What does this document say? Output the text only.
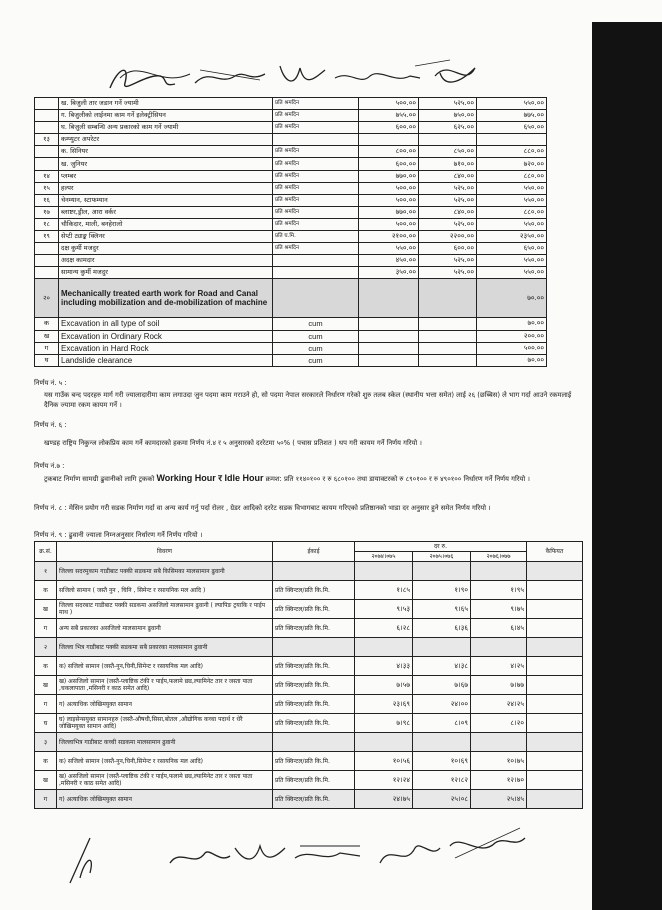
	ख. बिजुली तार जडान गर्ने ज्यामी	प्रति श्रमदिन	५००.००	५२५.००	५५०.००
	ग. बिजुलीको लाईनमा काम गर्ने इलेक्ट्रीसियन	प्रति श्रमदिन	७५५.००	७५०.००	७७५.००
	घ. बिजुली सम्बन्धि अन्य प्रकारको काम गर्ने ज्यामी	प्रति श्रमदिन	६००.००	६२५.००	६५०.००
१३	कम्प्युटर अपरेटर				
	क. सिनियर	प्रति श्रमदिन	८००.००	८५०.००	८८०.००
	ख. जुनियर	प्रति श्रमदिन	६००.००	७१०.००	७२०.००
१४	प्लम्बर	प्रति श्रमदिन	७७०.००	८४०.००	८८०.००
१५	हल्पर	प्रति श्रमदिन	५००.००	५२५.००	५५०.००
१६	चेनम्यान, स्टाफम्यान	प्रति श्रमदिन	५००.००	५२५.००	५५०.००
१७	ब्लाष्टर,ड्रील, आरा वर्कर	प्रति श्रमदिन	७७०.००	८४०.००	८८०.००
१८	चौकिदार, माली, बनहेरालो	प्रति श्रमदिन	५००.००	५२५.००	५५०.००
१९	सेप्टी ट्याङ्क क्लिनर	प्रति घ.मि.	२१००.००	२२००.००	२३५०.००
	दक्ष कुर्मी मजदुर	प्रति श्रमदिन	५५०.००	६००.००	६५०.००
	अदक्ष कामदार		४५०.००	५२५.००	५५०.००
	सामान्य कुर्मी मजदुर		३५०.००	५२५.००	५५०.००
२०	Mechanically treated earth work for Road and Canal including mobilization and de-mobilization of machine				७०.००
क	Excavation in all type of soil	cum			७०.००
ख	Excavation in Ordinary Rock	cum			२००.००
ग	Excavation in Hard Rock	cum			५००.००
घ	Landslide clearance	cum			७०.००
निर्णय नं. ५ :
यस गाउँक बन्द पदरहरु मार्ग गरी ज्यालादारीमा काम लगाउदा जुन पदमा काम गराउने हो, सो पदमा नेपाल सरकारले निर्धारण गरेको शुरु तलब स्केल (स्थानीय भत्ता समेत) लाई २६ (छब्बिस) ले भाग गर्दा आउने रकमलाई दैनिक ज्यामा रकम कायम गर्ने ।
निर्णय नं. ६ :
खण्डह राष्ट्रिय निकुन्ज लोकप्रिय काम गर्ने कामदारको हकमा निर्णय नं.४ र ५ अनुसारको दररेटमा ५०% ( पचास प्रतिशत ) थप गरी कायम गर्ने निर्णय गरियो ।
निर्णय नं.७ :
ट्रकबाट निर्माण सामग्री ढुवानीको लागि ट्रकको Working Hour र Idle Hour क्रमश: प्रति ११४०१०० र रु ६८०१०० तथा डायाक्टरको रु ८९०१०० र रु ४९०१०० निर्धारण गर्ने निर्णय गरियो ।
निर्णय नं. ८ : मेसिन प्रयोग गरी सडक निर्माण गर्दा वा अन्य कार्य गर्नु पर्दा रोलर , ग्रेडर आदिको दररेट सडक विभागबाट कायम गरिएको प्रतिष्ठानको भाडा दर अनुसार हुने समेत निर्णय गरियो ।
निर्णय नं. ९ : ढुवानी ज्याला निम्नअनुसार निर्धारण गर्ने निर्णय गरियो ।
क्र.सं.	विवरण	ईकाई	दर रु.			कैफियत
			२०७४।०७५	२०७५।०७६	२०७६।०७७	
१	जिल्ला सदरमुकाम गाडीबाट पक्की सडकमा सबै किसिमका मालसामान ढुवानी					
क	सजिलो सामान ( जस्तै नुन , चिनि , सिमेन्ट र रसायनिक मल आदि )	प्रति क्विन्टल/प्रति कि.मि.	१।८५	१।९०	१।९५	
ख	जिल्ला सदरबाट गाडीबाट पक्की सडकमा असजिलो मालसामान ढुवानी ( ल्यापिङ ट्रयाकि र पाईप माथ )	प्रति क्विन्टल/प्रति कि.मि.	९।५३	९।६५	९।७५	
ग	अन्य सबै प्रकारका असजिलो मालसामान ढुवानी	प्रति क्विन्टल/प्रति कि.मि.	६।२८	६।३६	६।४५	
२	जिल्ला भित्र गाडीबाट पक्की सडकमा सबै प्रकारका मालसामान ढुवानी					
क	क) सजिलो सामान (जस्तै-नुन,चिनी,सिमेन्ट र रसायनिक मल आदि)	प्रति क्विन्टल/प्रति कि.मि.	४।३३	४।३८	४।२५	
ख	ख) असजिलो सामान (जस्तै-प्लाष्टिक टंकी र पाईप,फलामे छड,ल्यामिनेट तार र जस्ता पाता ,चकलापाता ,मसिनरी र काठ समेत आदि)	प्रति क्विन्टल/प्रति कि.मि.	७।५७	७।६७	७।७७	
ग	ग) अत्याधिक जोखिमयुक्त सामान	प्रति क्विन्टल/प्रति कि.मि.	२३।६९	२४।००	२४।२५	
घ	घ) लाइसेन्सयुक्त सामानहरु (जस्तै-औषधी,सिसा,बोतल ,औद्योगिक कच्चा पदार्थ र धेरै जोखिमयुक्त सामान आदि)	प्रति क्विन्टल/प्रति कि.मि.	७।९८	८।०९	८।२०	
३	जिल्लाभित्र गाडीबाट कच्ची सडकमा मालसामान ढुवानी					
क	क) सजिलो सामान (जस्तै-नुन,चिनी,सिमेन्ट र रसायनिक मल आदि)	प्रति क्विन्टल/प्रति कि.मि.	१०।५६	१०।६९	१०।७५	
ख	ख) असजिलो सामान (जस्तै-प्लाष्टिक टंकी र पाईप,फलामे छड,ल्यामिनेट तार र जस्ता पाता ,मसिनरी र काठ समेत आदि)	प्रति क्विन्टल/प्रति कि.मि.	१२।२४	१२।८२	१२।७०	
ग	ग) अत्याधिक जोखिमयुक्त सामान	प्रति क्विन्टल/प्रति कि.मि.	२४।७५	२५।०८	२५।४५	
